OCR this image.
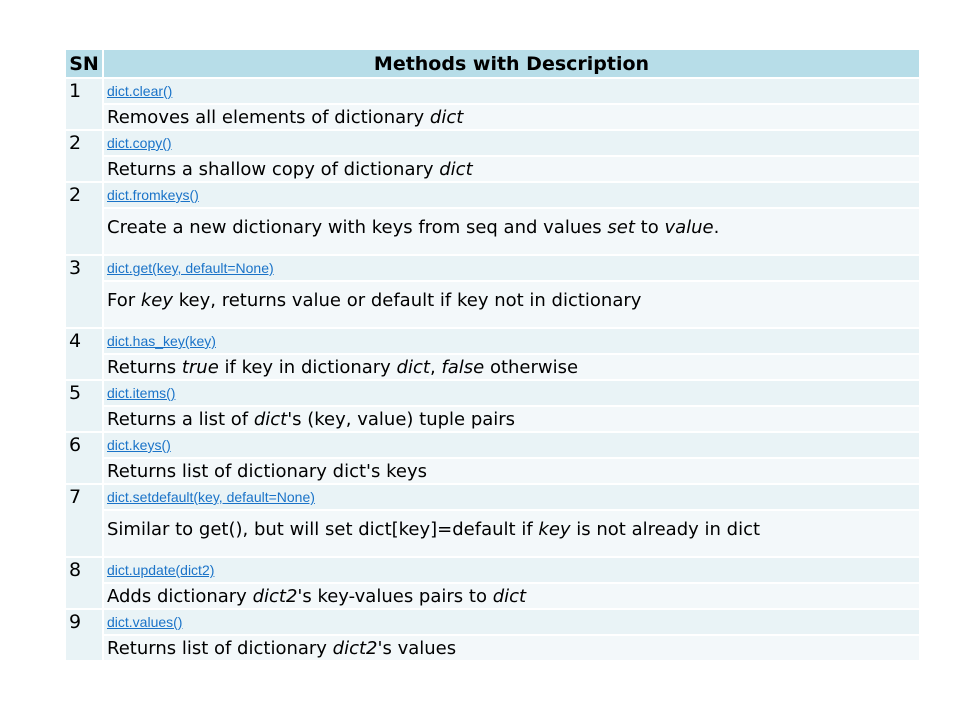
SN	Methods with Description
1	dict.clear()
	Removes all elements of dictionary dict
2	dict.copy()
	Returns a shallow copy of dictionary dict
2	dict.fromkeys()
	Create a new dictionary with keys from seq and values set to value.
3	dict.get(key, default=None)
	For key key, returns value or default if key not in dictionary
4	dict.has_key(key)
	Returns true if key in dictionary dict, false otherwise
5	dict.items()
	Returns a list of dict's (key, value) tuple pairs
6	dict.keys()
	Returns list of dictionary dict's keys
7	dict.setdefault(key, default=None)
	Similar to get(), but will set dict[key]=default if key is not already in dict
8	dict.update(dict2)
	Adds dictionary dict2's key-values pairs to dict
9	dict.values()
	Returns list of dictionary dict2's values
